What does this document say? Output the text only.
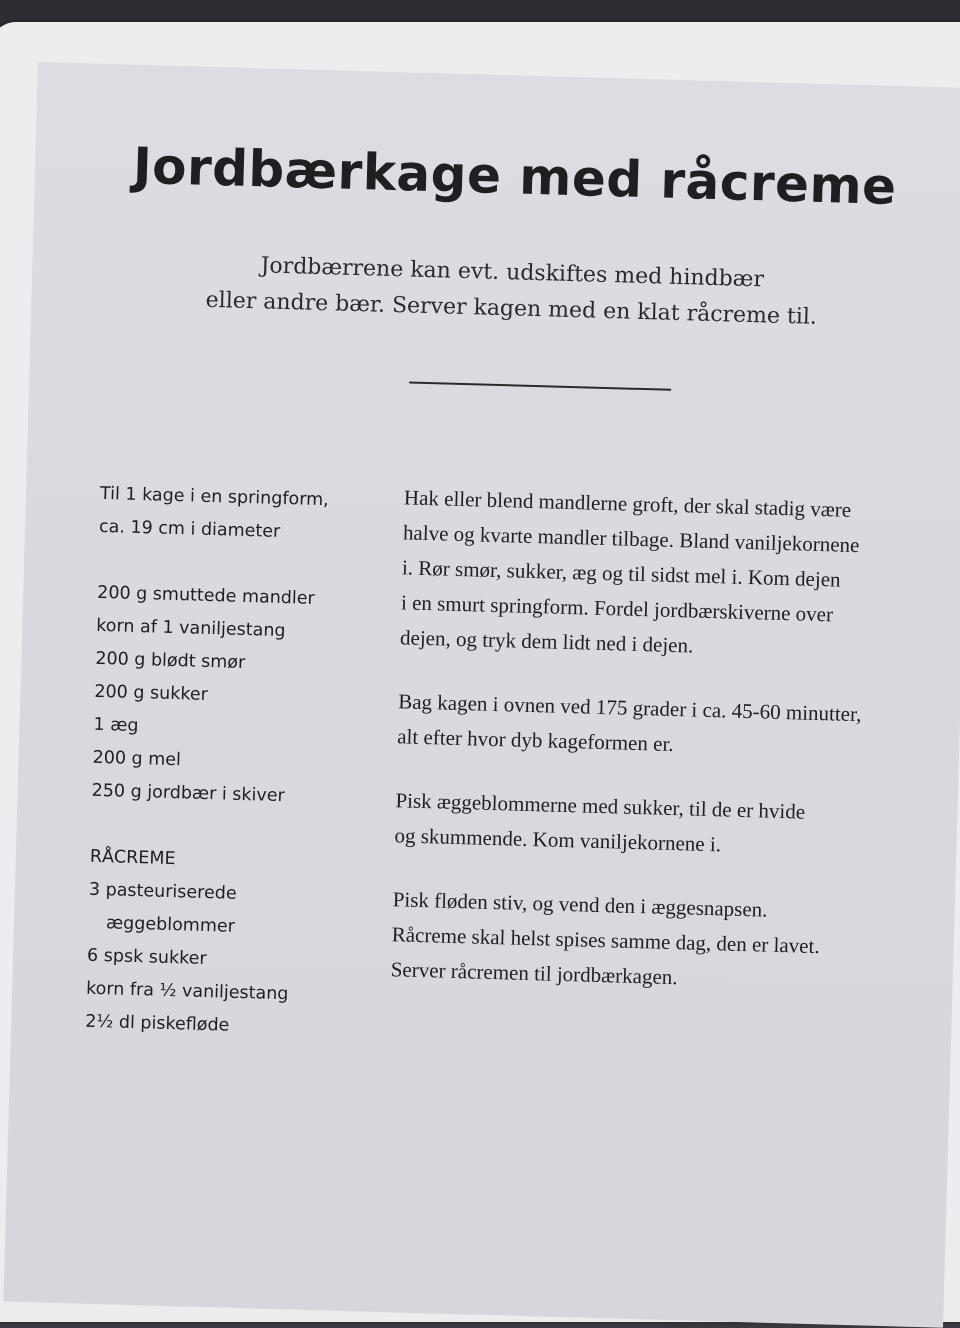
Jordbærkage med råcreme
Jordbærrene kan evt. udskiftes med hindbær
eller andre bær. Server kagen med en klat råcreme til.
Til 1 kage i en springform,
ca. 19 cm i diameter
200 g smuttede mandler
korn af 1 vaniljestang
200 g blødt smør
200 g sukker
1 æg
200 g mel
250 g jordbær i skiver
RÅCREME
3 pasteuriserede
æggeblommer
6 spsk sukker
korn fra ½ vaniljestang
2½ dl piskefløde

Hak eller blend mandlerne groft, der skal stadig være
halve og kvarte mandler tilbage. Bland vaniljekornene
i. Rør smør, sukker, æg og til sidst mel i. Kom dejen
i en smurt springform. Fordel jordbærskiverne over
dejen, og tryk dem lidt ned i dejen.

Bag kagen i ovnen ved 175 grader i ca. 45-60 minutter,
alt efter hvor dyb kageformen er.

Pisk æggeblommerne med sukker, til de er hvide
og skummende. Kom vaniljekornene i.

Pisk fløden stiv, og vend den i æggesnapsen.
Råcreme skal helst spises samme dag, den er lavet.
Server råcremen til jordbærkagen.
